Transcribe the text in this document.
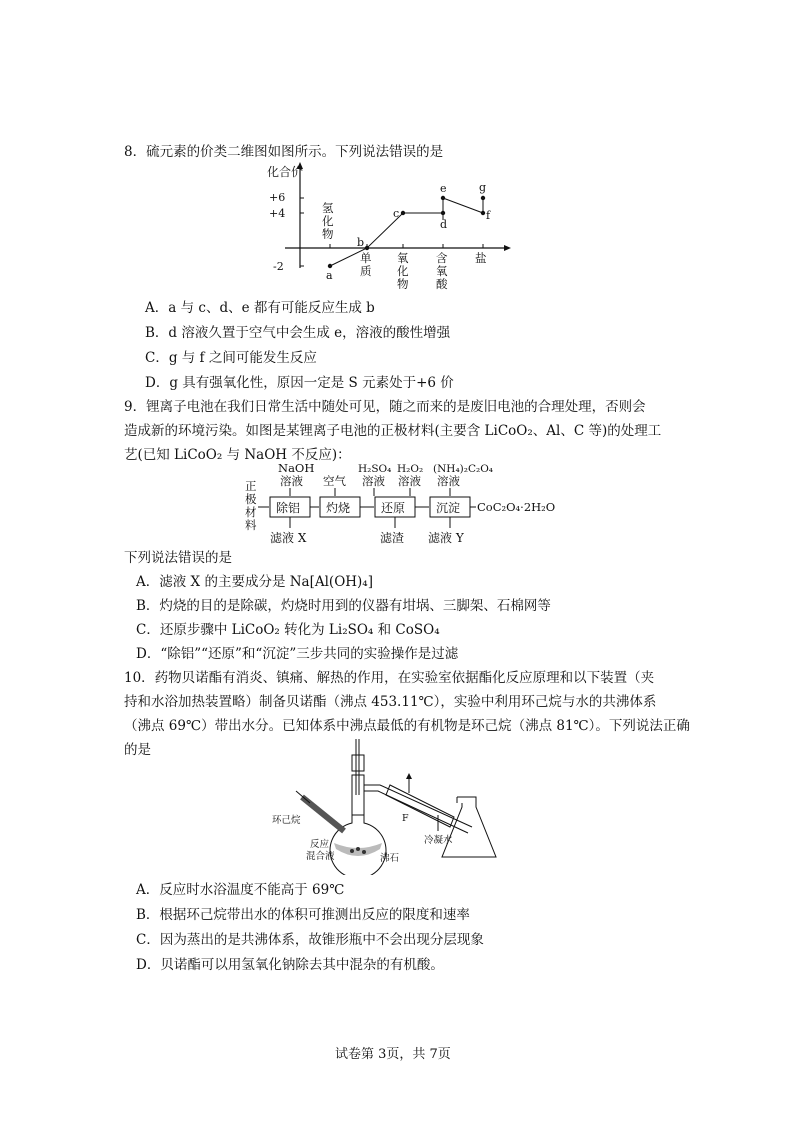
8．硫元素的价类二维图如图所示。下列说法错误的是
化合价
+6
+4
-2
氢
化
物
单
质
氧
化
物
含
氧
酸
盐
a
b
c
d
e
f
g
A．a 与 c、d、e 都有可能反应生成 b
B．d 溶液久置于空气中会生成 e，溶液的酸性增强
C．g 与 f 之间可能发生反应
D．g 具有强氧化性，原因一定是 S 元素处于+6 价
9．锂离子电池在我们日常生活中随处可见，随之而来的是废旧电池的合理处理，否则会
造成新的环境污染。如图是某锂离子电池的正极材料(主要含 LiCoO₂、Al、C 等)的处理工
艺(已知 LiCoO₂ 与 NaOH 不反应)：
正
极
材
料
NaOH
溶液 空气
H₂SO₄
溶液
H₂O₂
溶液
(NH₄)₂C₂O₄
溶液
除铝 灼烧	还原	沉淀
滤液 X	滤渣 滤液 Y
CoC₂O₄·2H₂O
下列说法错误的是
A．滤液 X 的主要成分是 Na[Al(OH)₄]
B．灼烧的目的是除碳，灼烧时用到的仪器有坩埚、三脚架、石棉网等
C．还原步骤中 LiCoO₂ 转化为 Li₂SO₄ 和 CoSO₄
D．“除铝”“还原”和“沉淀”三步共同的实验操作是过滤
10．药物贝诺酯有消炎、镇痛、解热的作用，在实验室依据酯化反应原理和以下装置（夹
持和水浴加热装置略）制备贝诺酯（沸点 453.11℃），实验中利用环己烷与水的共沸体系
（沸点 69℃）带出水分。已知体系中沸点最低的有机物是环己烷（沸点 81℃）。下列说法正确
的是
环己烷
反应
混合液	沸石
F
冷凝水
A．反应时水浴温度不能高于 69℃
B．根据环己烷带出水的体积可推测出反应的限度和速率
C．因为蒸出的是共沸体系，故锥形瓶中不会出现分层现象
D．贝诺酯可以用氢氧化钠除去其中混杂的有机酸。
试卷第 3页，共 7页
